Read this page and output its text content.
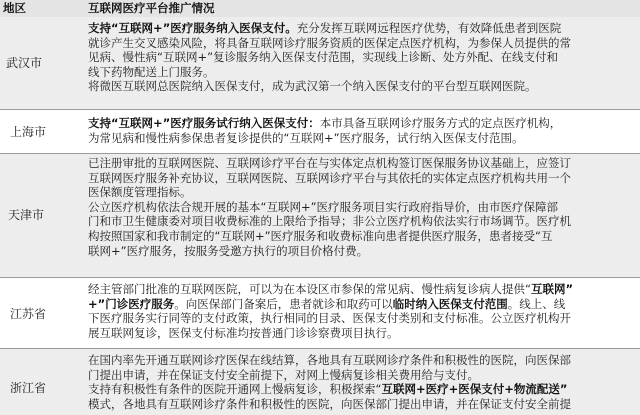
地区	互联网医疗平台推广情况
武汉市
支持“互联网+”医疗服务纳入医保支付。充分发挥互联网远程医疗优势，有效降低患者到医院
就诊产生交叉感染风险，将具备互联网诊疗服务资质的医保定点医疗机构，为参保人员提供的常
见病、慢性病“互联网+”复诊服务纳入医保支付范围，实现线上诊断、处方外配、在线支付和
线下药物配送上门服务。
将微医互联网总医院纳入医保支付，成为武汉第一个纳入医保支付的平台型互联网医院。
上海市
支持“互联网+”医疗服务试行纳入医保支付：本市具备互联网诊疗服务方式的定点医疗机构，
为常见病和慢性病参保患者复诊提供的“互联网+”医疗服务，试行纳入医保支付范围。
天津市
已注册审批的互联网医院、互联网诊疗平台在与实体定点机构签订医保服务协议基础上，应签订
互联网医疗服务补充协议，互联网医院、互联网诊疗平台与其依托的实体定点医疗机构共用一个
医保额度管理指标。
公立医疗机构依法合规开展的基本“互联网+”医疗服务项目实行政府指导价，由市医疗保障部
门和市卫生健康委对项目收费标准的上限给予指导；非公立医疗机构依法实行市场调节。医疗机
构按照国家和我市制定的“互联网+”医疗服务和收费标准向患者提供医疗服务，患者接受“互
联网+”医疗服务，按服务受邀方执行的项目价格付费。
江苏省
经主管部门批准的互联网医院，可以为在本设区市参保的常见病、慢性病复诊病人提供“互联网”
+”门诊医疗服务。向医保部门备案后，患者就诊和取药可以临时纳入医保支付范围。线上、线
下医疗服务实行同等的支付政策，执行相同的目录、医保支付类别和支付标准。公立医疗机构开
展互联网复诊，医保支付标准均按普通门诊诊察费项目执行。
浙江省
在国内率先开通互联网诊疗医保在线结算，各地具有互联网诊疗条件和积极性的医院，向医保部
门提出申请，并在保证支付安全前提下，对网上慢病复诊相关费用给与支付。
支持有积极性有条件的医院开通网上慢病复诊，积极探索“互联网+医疗+医保支付+物流配送”
模式，各地具有互联网诊疗条件和积极性的医院，向医保部门提出申请，并在保证支付安全前提
